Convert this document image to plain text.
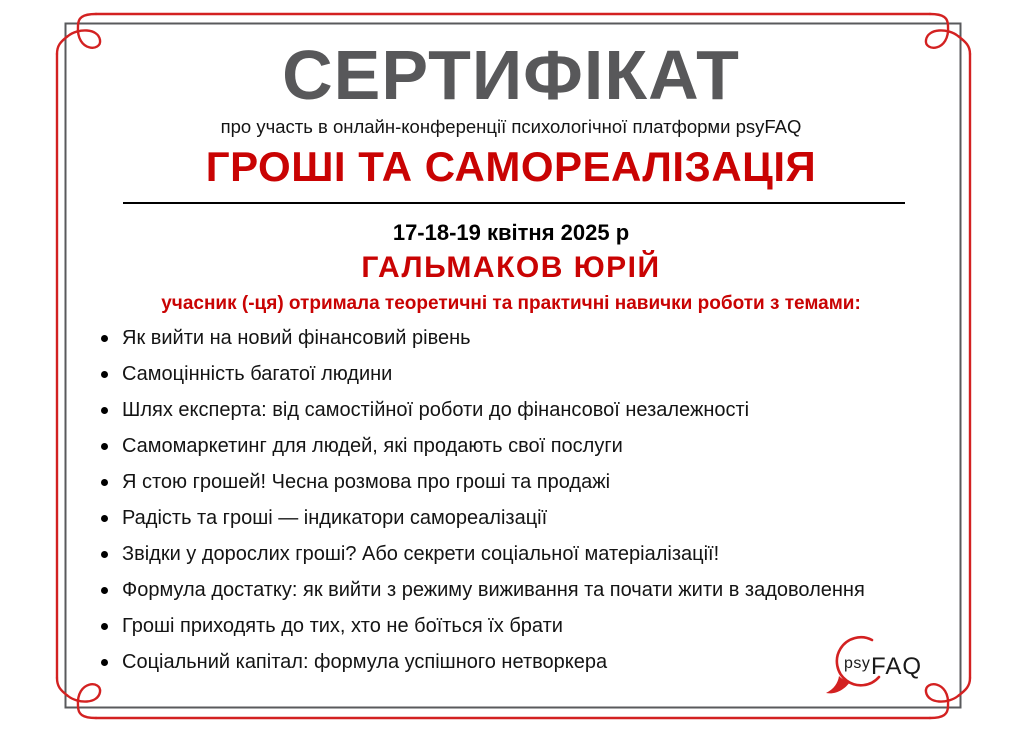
СЕРТИФІКАТ
про участь в онлайн-конференції психологічної платформи psyFAQ
ГРОШІ ТА САМОРЕАЛІЗАЦІЯ
17-18-19 квітня 2025 р
ГАЛЬМАКОВ ЮРІЙ
учасник (-ця) отримала теоретичні та практичні навички роботи з темами:
Як вийти на новий фінансовий рівень
Самоцінність багатої людини
Шлях експерта: від самостійної роботи до фінансової незалежності
Самомаркетинг для людей, які продають свої послуги
Я стою грошей! Чесна розмова про гроші та продажі
Радість та гроші — індикатори самореалізації
Звідки у дорослих гроші? Або секрети соціальної матеріалізації!
Формула достатку: як вийти з режиму виживання та почати жити в задоволення
Гроші приходять до тих, хто не боїться їх брати
Соціальний капітал: формула успішного нетворкера	psy FAQ
